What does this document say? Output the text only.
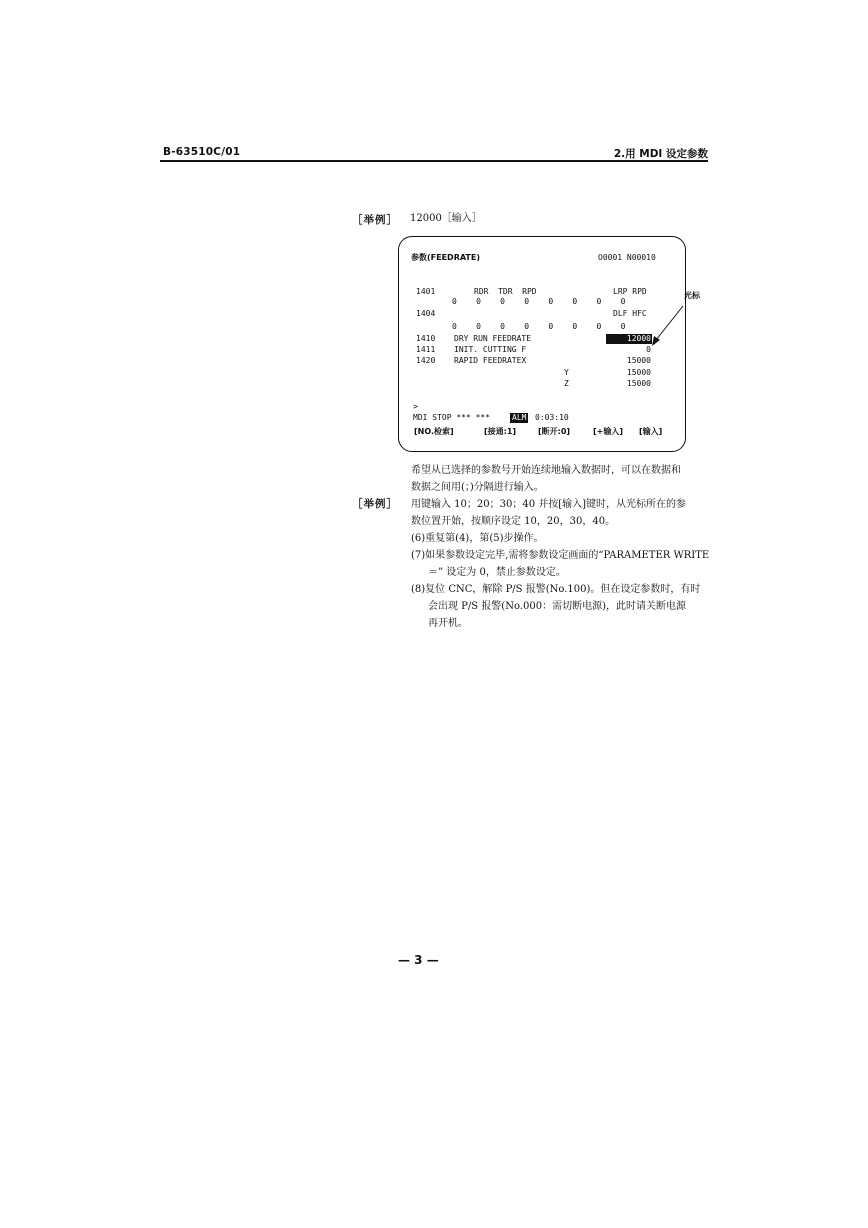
B-63510C/01	2.用 MDI 设定参数
［举例］ 12000［输入］
参数(FEEDRATE)	O0001 N00010
1401	RDR  TDR  RPD	LRP RPD
0    0    0    0    0    0    0    0
1404	DLF HFC
0    0    0    0    0    0    0    0
1410 DRY RUN FEEDRATE	12000
1411 INIT. CUTTING F	0
1420 RAPID FEEDRATEX	15000
Y	15000
Z	15000
>
MDI STOP *** ***	ALM 0:03:10
[NO.检索]	[接通:1]	[断开:0]	[+输入] [输入]
光标
希望从已选择的参数号开始连续地输入数据时，可以在数据和
数据之间用(；)分隔进行输入。
［举例］ 用键输入 10；20；30；40 并按[输入]键时，从光标所在的参
数位置开始，按顺序设定 10，20，30，40。
(6)重复第(4)，第(5)步操作。
(7)如果参数设定完毕,需将参数设定画面的“PARAMETER WRITE
＝” 设定为 0，禁止参数设定。
(8)复位 CNC，解除 P/S 报警(No.100)。但在设定参数时，有时
会出现 P/S 报警(No.000：需切断电源)，此时请关断电源
再开机。
— 3 —
